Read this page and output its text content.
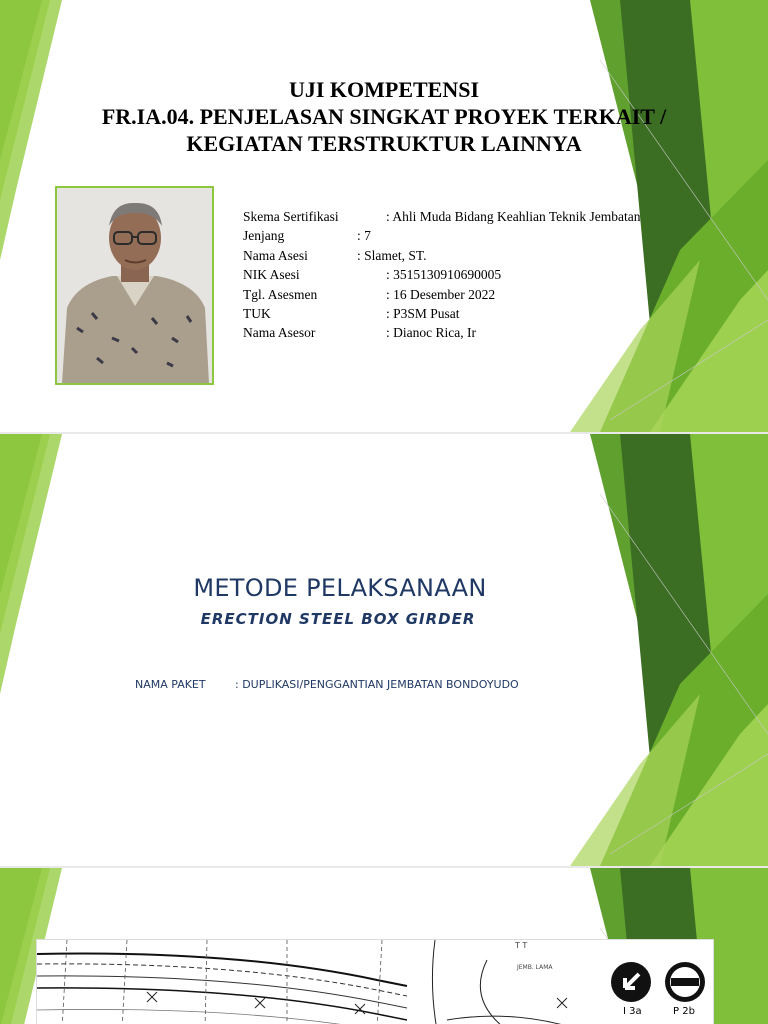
UJI KOMPETENSI
FR.IA.04. PENJELASAN SINGKAT PROYEK TERKAIT /
KEGIATAN TERSTRUKTUR LAINNYA
Skema Sertifikasi	: Ahli Muda Bidang Keahlian Teknik Jembatan
Jenjang	: 7
Nama Asesi	: Slamet, ST.
NIK Asesi	: 3515130910690005
Tgl. Asesmen	: 16 Desember 2022
TUK	: P3SM Pusat
Nama Asesor	: Dianoc Rica, Ir
METODE PELAKSANAAN
ERECTION STEEL BOX GIRDER
NAMA PAKET	: DUPLIKASI/PENGGANTIAN JEMBATAN BONDOYUDO
T T
JEMB. LAMA
I 3a	P 2b
